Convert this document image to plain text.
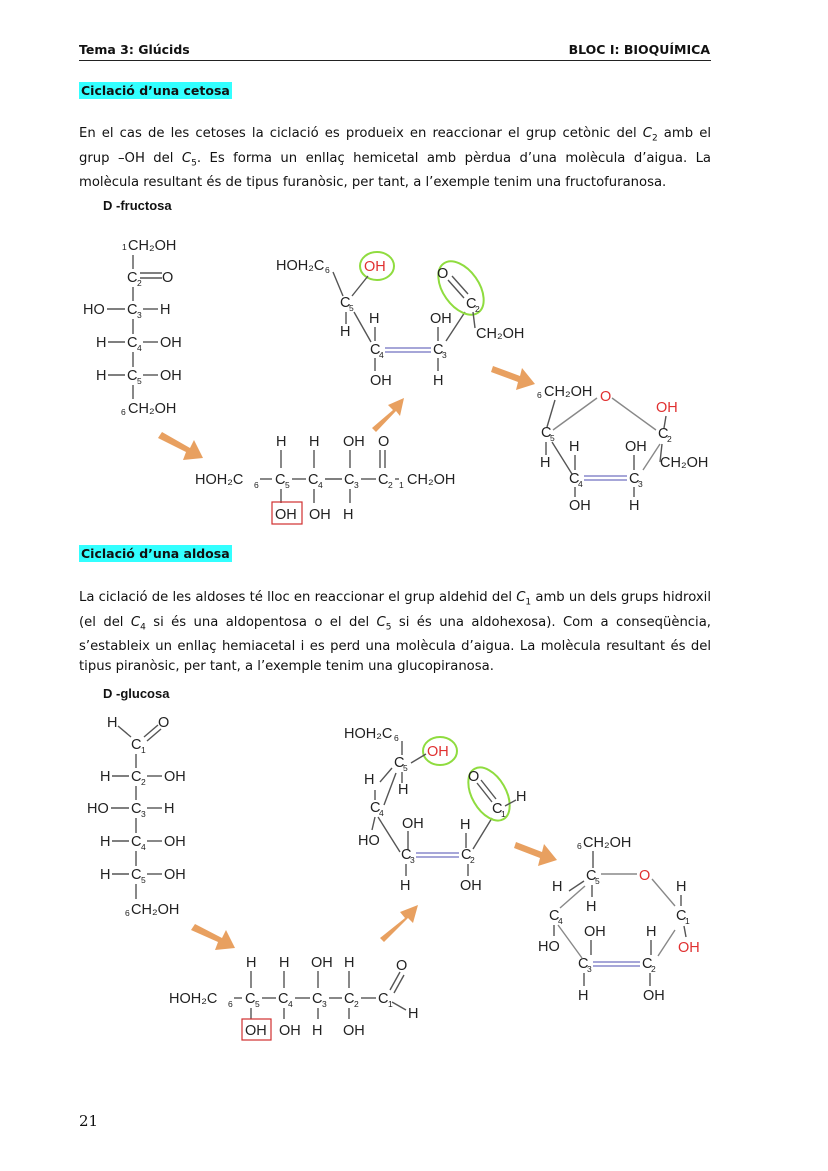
Tema 3: Glúcids	BLOC I: BIOQUÍMICA
Ciclació d’una cetosa

En el cas de les cetoses la ciclació es produeix en reaccionar el grup cetònic del $C_2$ amb el grup –OH del $C_5$. Es forma un enllaç hemicetal amb pèrdua d’una molècula d’aigua. La molècula resultant és de tipus furanòsic, per tant, a l’exemple tenim una fructofuranosa.

D -fructosa
1 CH₂OH
C 2 O
HO C 3 H
H C 4 OH
H C 5 OH
6 CH₂OH
HOH₂C 6 OH
C
5
H
H
C
4	C
3
OH	H
OH
O
C
2
CH₂OH
H H OH O
HOH₂C 6 C 5 C 4 C 3 C 2 1 CH₂OH
OH OH H
6 CH₂OH O
OH
C
5
H
H
C
4	C
3
OH
OH	H
C
2
CH₂OH
Ciclació d’una aldosa

La ciclació de les aldoses té lloc en reaccionar el grup aldehid del $C_1$ amb un dels grups hidroxil (el del $C_4$ si és una aldopentosa o el del $C_5$ si és una aldohexosa). Com a conseqüència, s’estableix un enllaç hemiacetal i es perd una molècula d’aigua. La molècula resultant és del tipus piranòsic, per tant, a l’exemple tenim una glucopiranosa.

D -glucosa
H	O
C 1
H C 2 OH
HO C 3 H
H C 4 OH
H C 5 OH
6 CH₂OH
HOH₂C 6
OH
C
5
H
H
C
4
OH
HO
C
3	C
2
H
H	OH
O
C
1
H
H H OH H
HOH₂C 6 C 5 C 4 C 3 C 2 C 1
O
H
OH OH H OH
6 CH₂OH
C
5	O
H
H
C
4
HO
OH
C
3	C
2
H
H	OH
H
C
1
OH
21
